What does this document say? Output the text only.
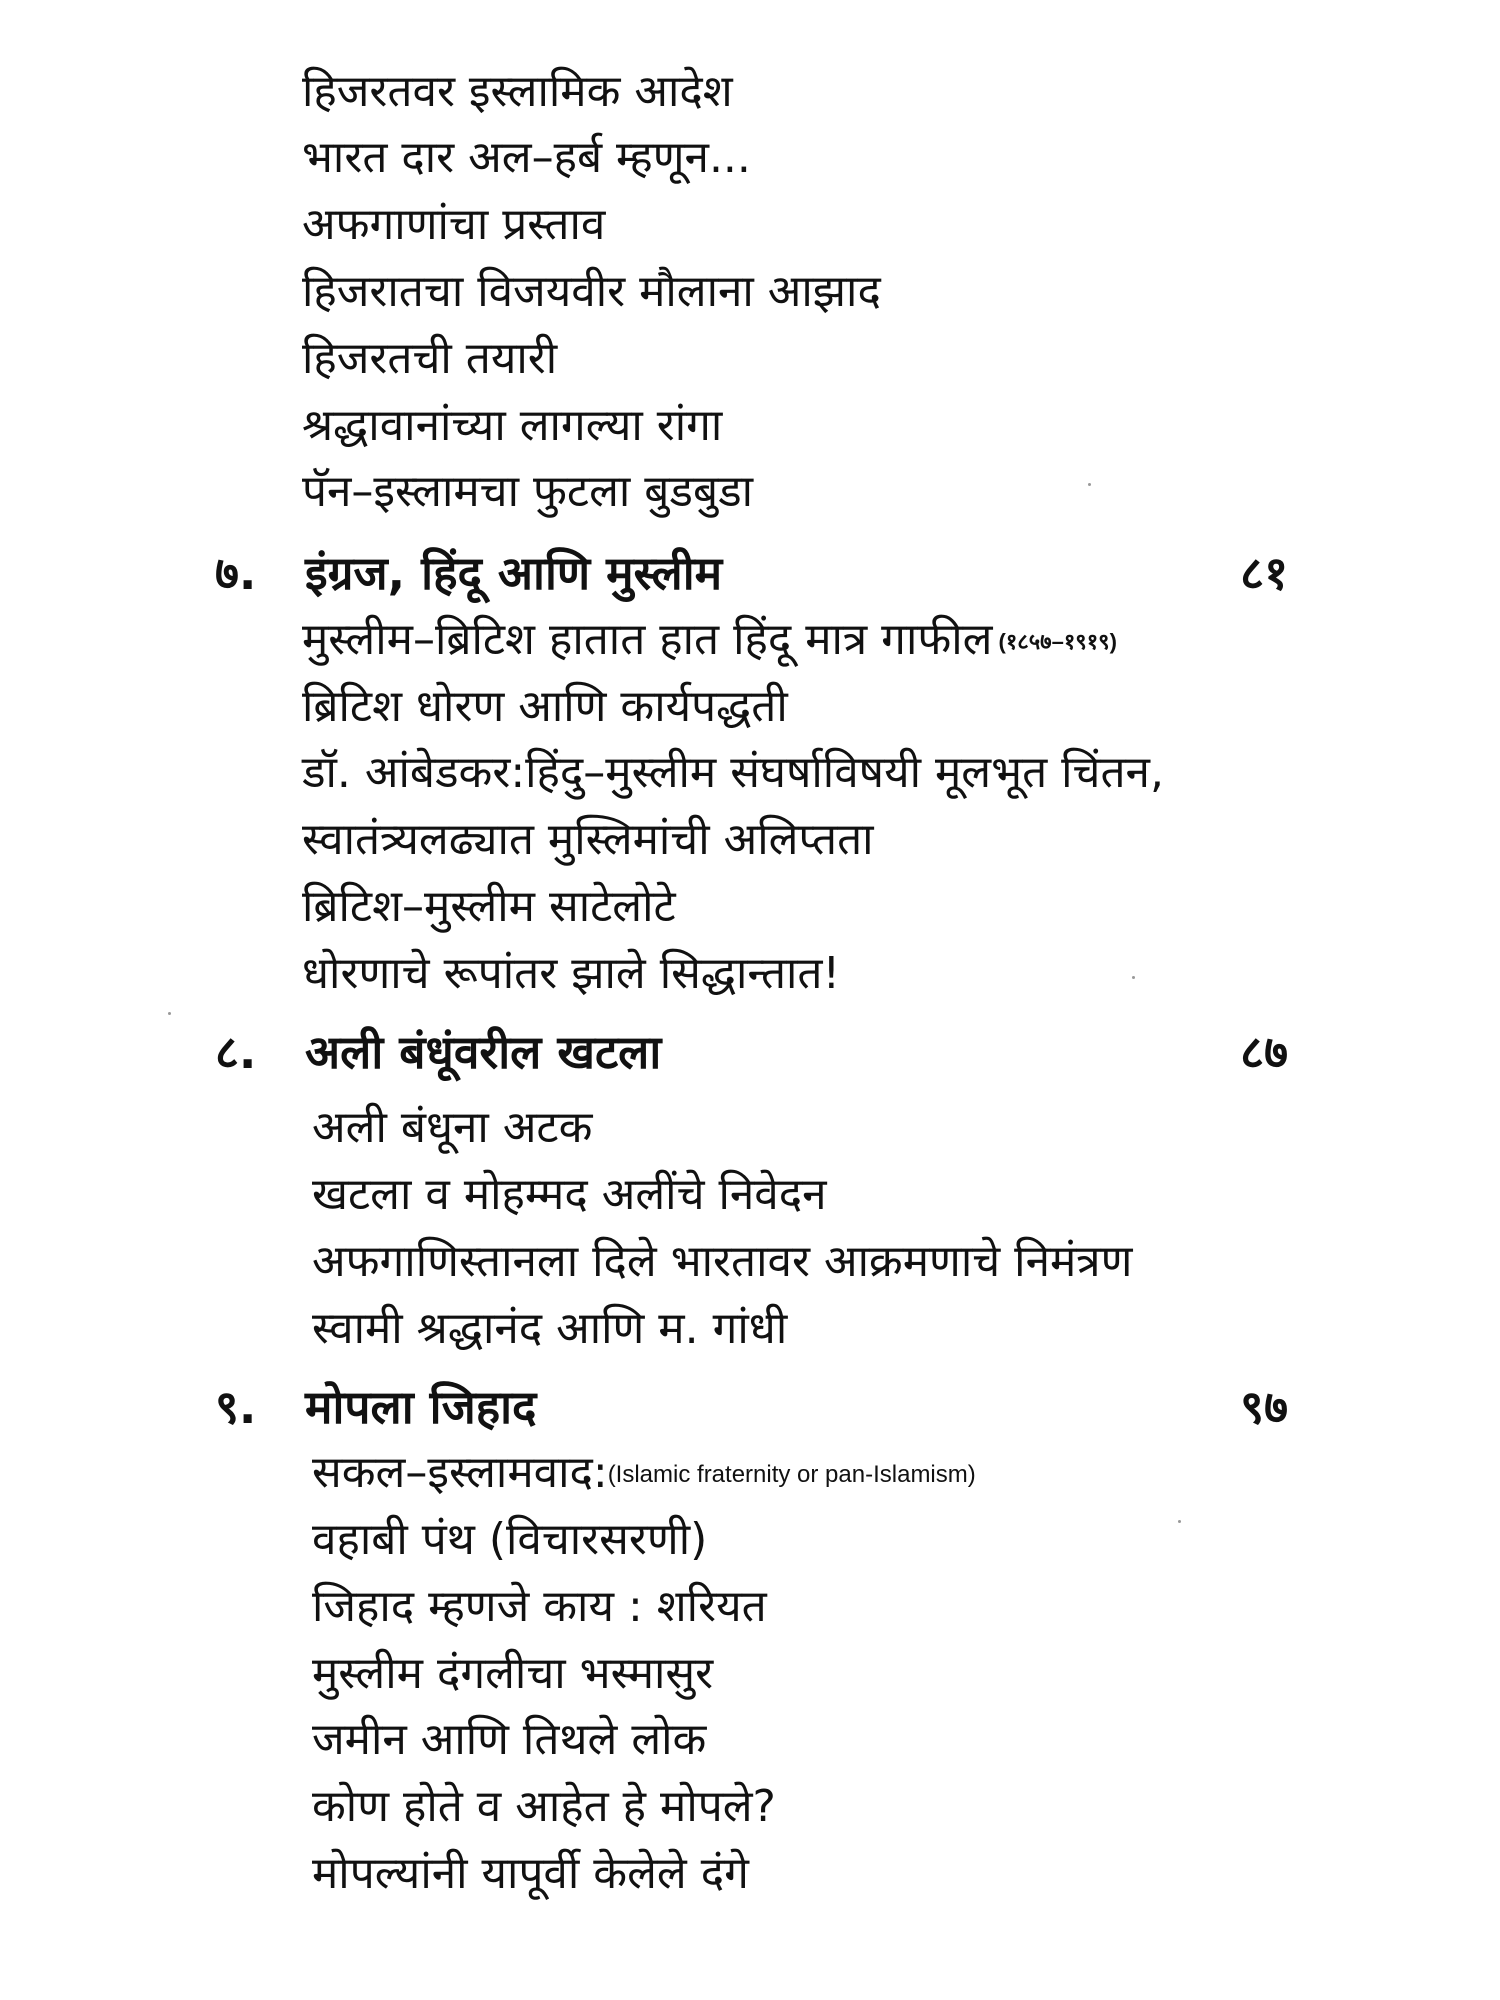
हिजरतवर इस्लामिक आदेश
भारत दार अल–हर्ब म्हणून...
अफगाणांचा प्रस्ताव
हिजरातचा विजयवीर मौलाना आझाद
हिजरतची तयारी
श्रद्धावानांच्या लागल्या रांगा
पॅन–इस्लामचा फुटला बुडबुडा
७. इंग्रज, हिंदू आणि मुस्लीम	८१
मुस्लीम–ब्रिटिश हातात हात हिंदू मात्र गाफील (१८५७–१९१९)
ब्रिटिश धोरण आणि कार्यपद्धती
डॉ. आंबेडकर:हिंदु–मुस्लीम संघर्षाविषयी मूलभूत चिंतन,
स्वातंत्र्यलढ्यात मुस्लिमांची अलिप्तता
ब्रिटिश–मुस्लीम साटेलोटे
धोरणाचे रूपांतर झाले सिद्धान्तात!
८. अली बंधूंवरील खटला	८७
अली बंधूना अटक
खटला व मोहम्मद अलींचे निवेदन
अफगाणिस्तानला दिले भारतावर आक्रमणाचे निमंत्रण
स्वामी श्रद्धानंद आणि म. गांधी
९. मोपला जिहाद	९७
सकल–इस्लामवाद:(Islamic fraternity or pan-Islamism)
वहाबी पंथ (विचारसरणी)
जिहाद म्हणजे काय : शरियत
मुस्लीम दंगलीचा भस्मासुर
जमीन आणि तिथले लोक
कोण होते व आहेत हे मोपले?
मोपल्यांनी यापूर्वी केलेले दंगे
